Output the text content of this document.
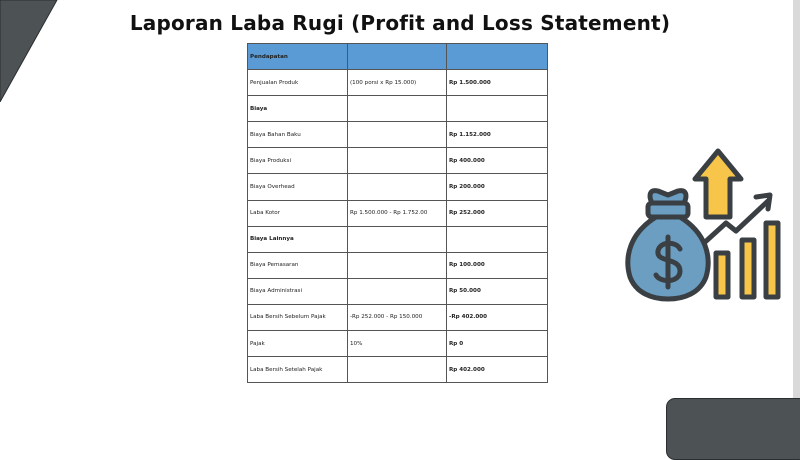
Laporan Laba Rugi (Profit and Loss Statement)
Pendapatan		
Penjualan Produk	(100 porsi x Rp 15.000)	Rp 1.500.000
Biaya		
Biaya Bahan Baku		Rp 1.152.000
Biaya Produksi		Rp 400.000
Biaya Overhead		Rp 200.000
Laba Kotor	Rp 1.500.000 - Rp 1.752.00	Rp 252.000
Biaya Lainnya		
Biaya Pemasaran		Rp 100.000
Biaya Administrasi		Rp 50.000
Laba Bersih Sebelum Pajak	-Rp 252.000 - Rp 150.000	-Rp 402.000
Pajak	10%	Rp 0
Laba Bersih Setelah Pajak		Rp 402.000
